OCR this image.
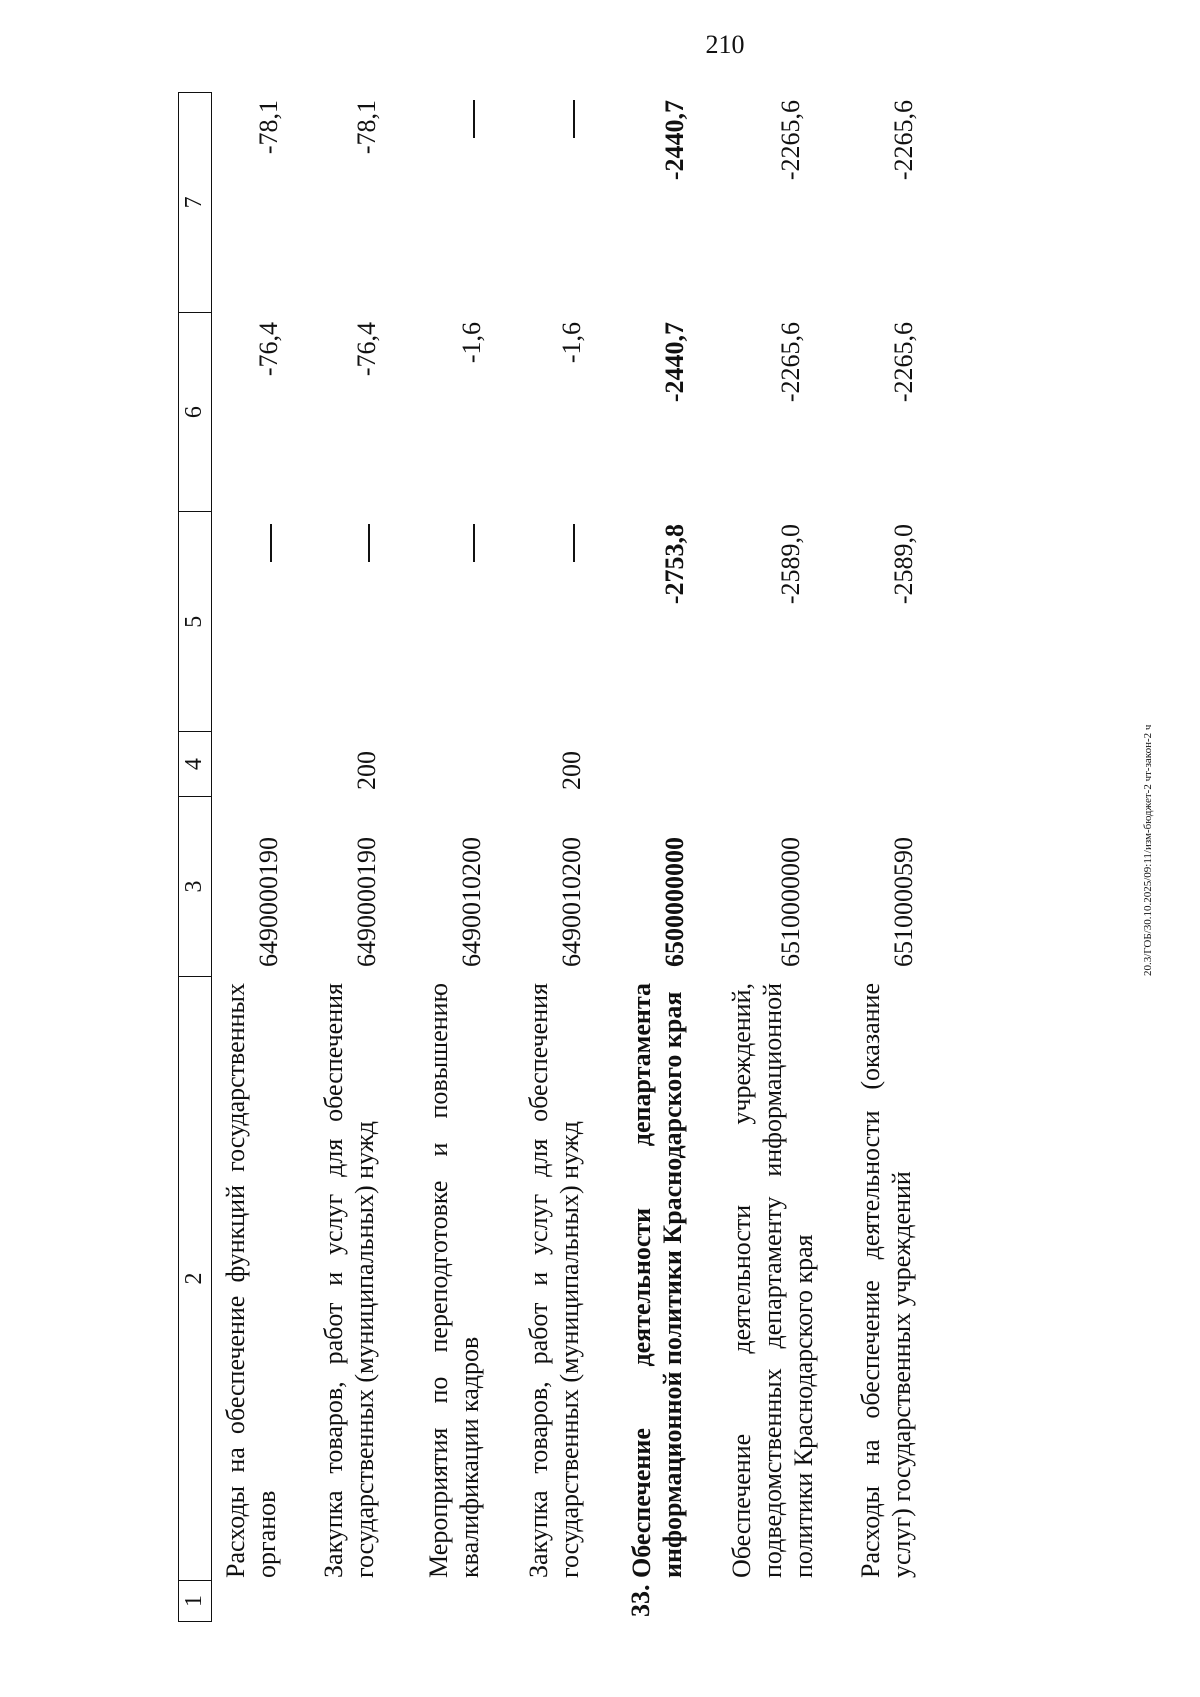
210
20.3/ГОБ/30.10.2025/09:11/изм-бюджет-2 чт-закон-2 ч
1
2
3
4
5
6
7
Расходы на обеспечение функций государственных органов
6490000190
-76,4
-78,1
Закупка товаров, работ и услуг для обеспечения государственных (муниципальных) нужд
6490000190
200
-76,4
-78,1
Мероприятия по переподготовке и повышению квалификации кадров
6490010200
-1,6
Закупка товаров, работ и услуг для обеспечения государственных (муниципальных) нужд
6490010200
200
-1,6
33.
Обеспечение деятельности департамента информационной политики Краснодарского края
6500000000
-2753,8
-2440,7
-2440,7
Обеспечение деятельности учреждений, подведомственных департаменту информационной политики Краснодарского края
6510000000
-2589,0
-2265,6
-2265,6
Расходы на обеспечение деятельности (оказание услуг) государственных учреждений
6510000590
-2589,0
-2265,6
-2265,6
